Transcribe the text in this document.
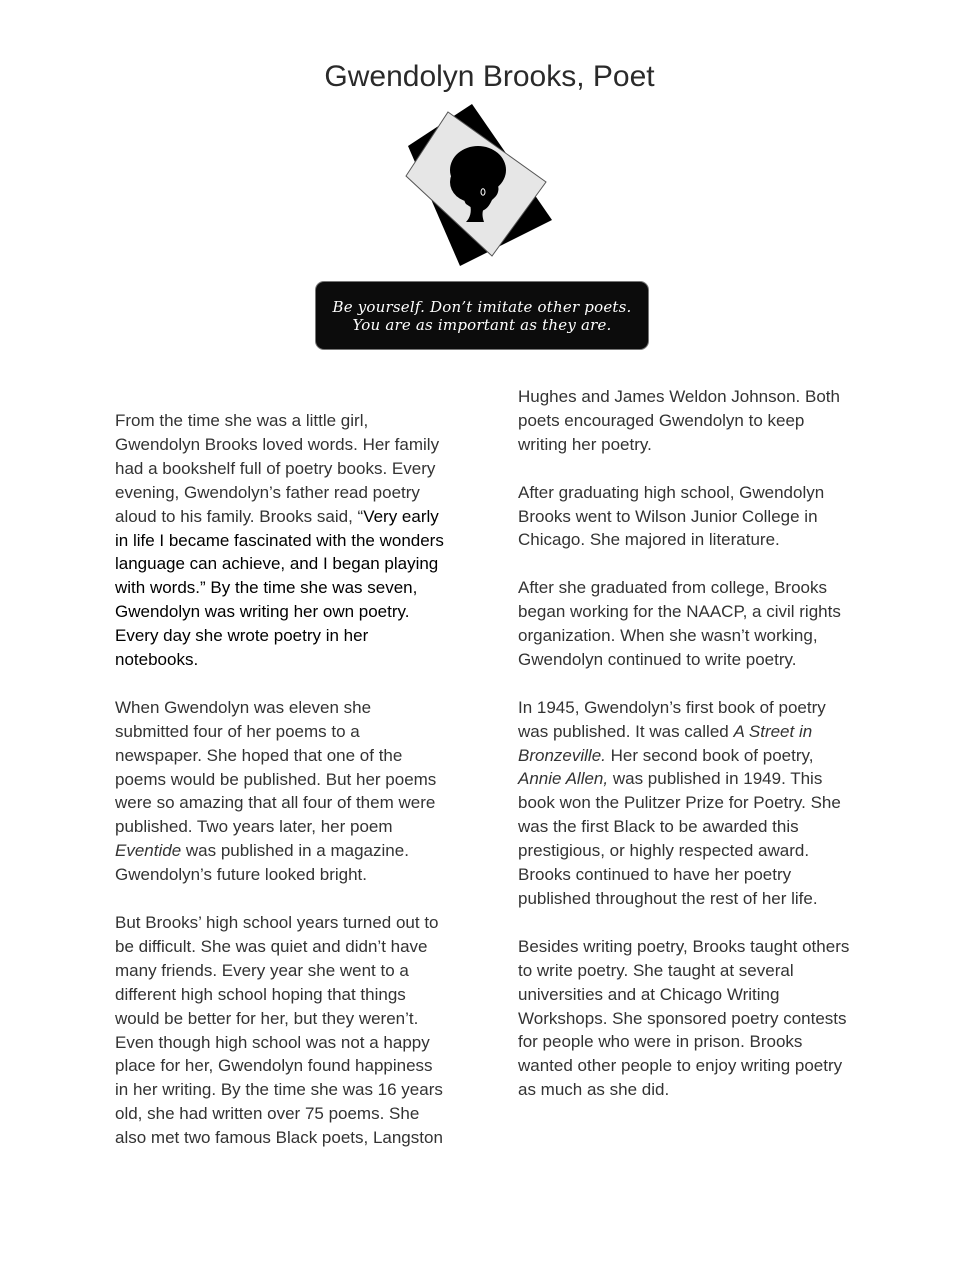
Gwendolyn Brooks, Poet
Be yourself. Don’t imitate other poets.
You are as important as they are.

From the time she was a little girl,
Gwendolyn Brooks loved words. Her family
had a bookshelf full of poetry books. Every
evening, Gwendolyn’s father read poetry
aloud to his family. Brooks said, “Very early
in life I became fascinated with the wonders
language can achieve, and I began playing
with words.” By the time she was seven,
Gwendolyn was writing her own poetry.
Every day she wrote poetry in her
notebooks.

When Gwendolyn was eleven she
submitted four of her poems to a
newspaper. She hoped that one of the
poems would be published. But her poems
were so amazing that all four of them were
published. Two years later, her poem
Eventide was published in a magazine.
Gwendolyn’s future looked bright.

But Brooks’ high school years turned out to
be difficult. She was quiet and didn’t have
many friends. Every year she went to a
different high school hoping that things
would be better for her, but they weren’t.
Even though high school was not a happy
place for her, Gwendolyn found happiness
in her writing. By the time she was 16 years
old, she had written over 75 poems. She
also met two famous Black poets, Langston

Hughes and James Weldon Johnson. Both
poets encouraged Gwendolyn to keep
writing her poetry.

After graduating high school, Gwendolyn
Brooks went to Wilson Junior College in
Chicago. She majored in literature.

After she graduated from college, Brooks
began working for the NAACP, a civil rights
organization. When she wasn’t working,
Gwendolyn continued to write poetry.

In 1945, Gwendolyn’s first book of poetry
was published. It was called A Street in
Bronzeville. Her second book of poetry,
Annie Allen, was published in 1949. This
book won the Pulitzer Prize for Poetry. She
was the first Black to be awarded this
prestigious, or highly respected award.
Brooks continued to have her poetry
published throughout the rest of her life.

Besides writing poetry, Brooks taught others
to write poetry. She taught at several
universities and at Chicago Writing
Workshops. She sponsored poetry contests
for people who were in prison. Brooks
wanted other people to enjoy writing poetry
as much as she did.
